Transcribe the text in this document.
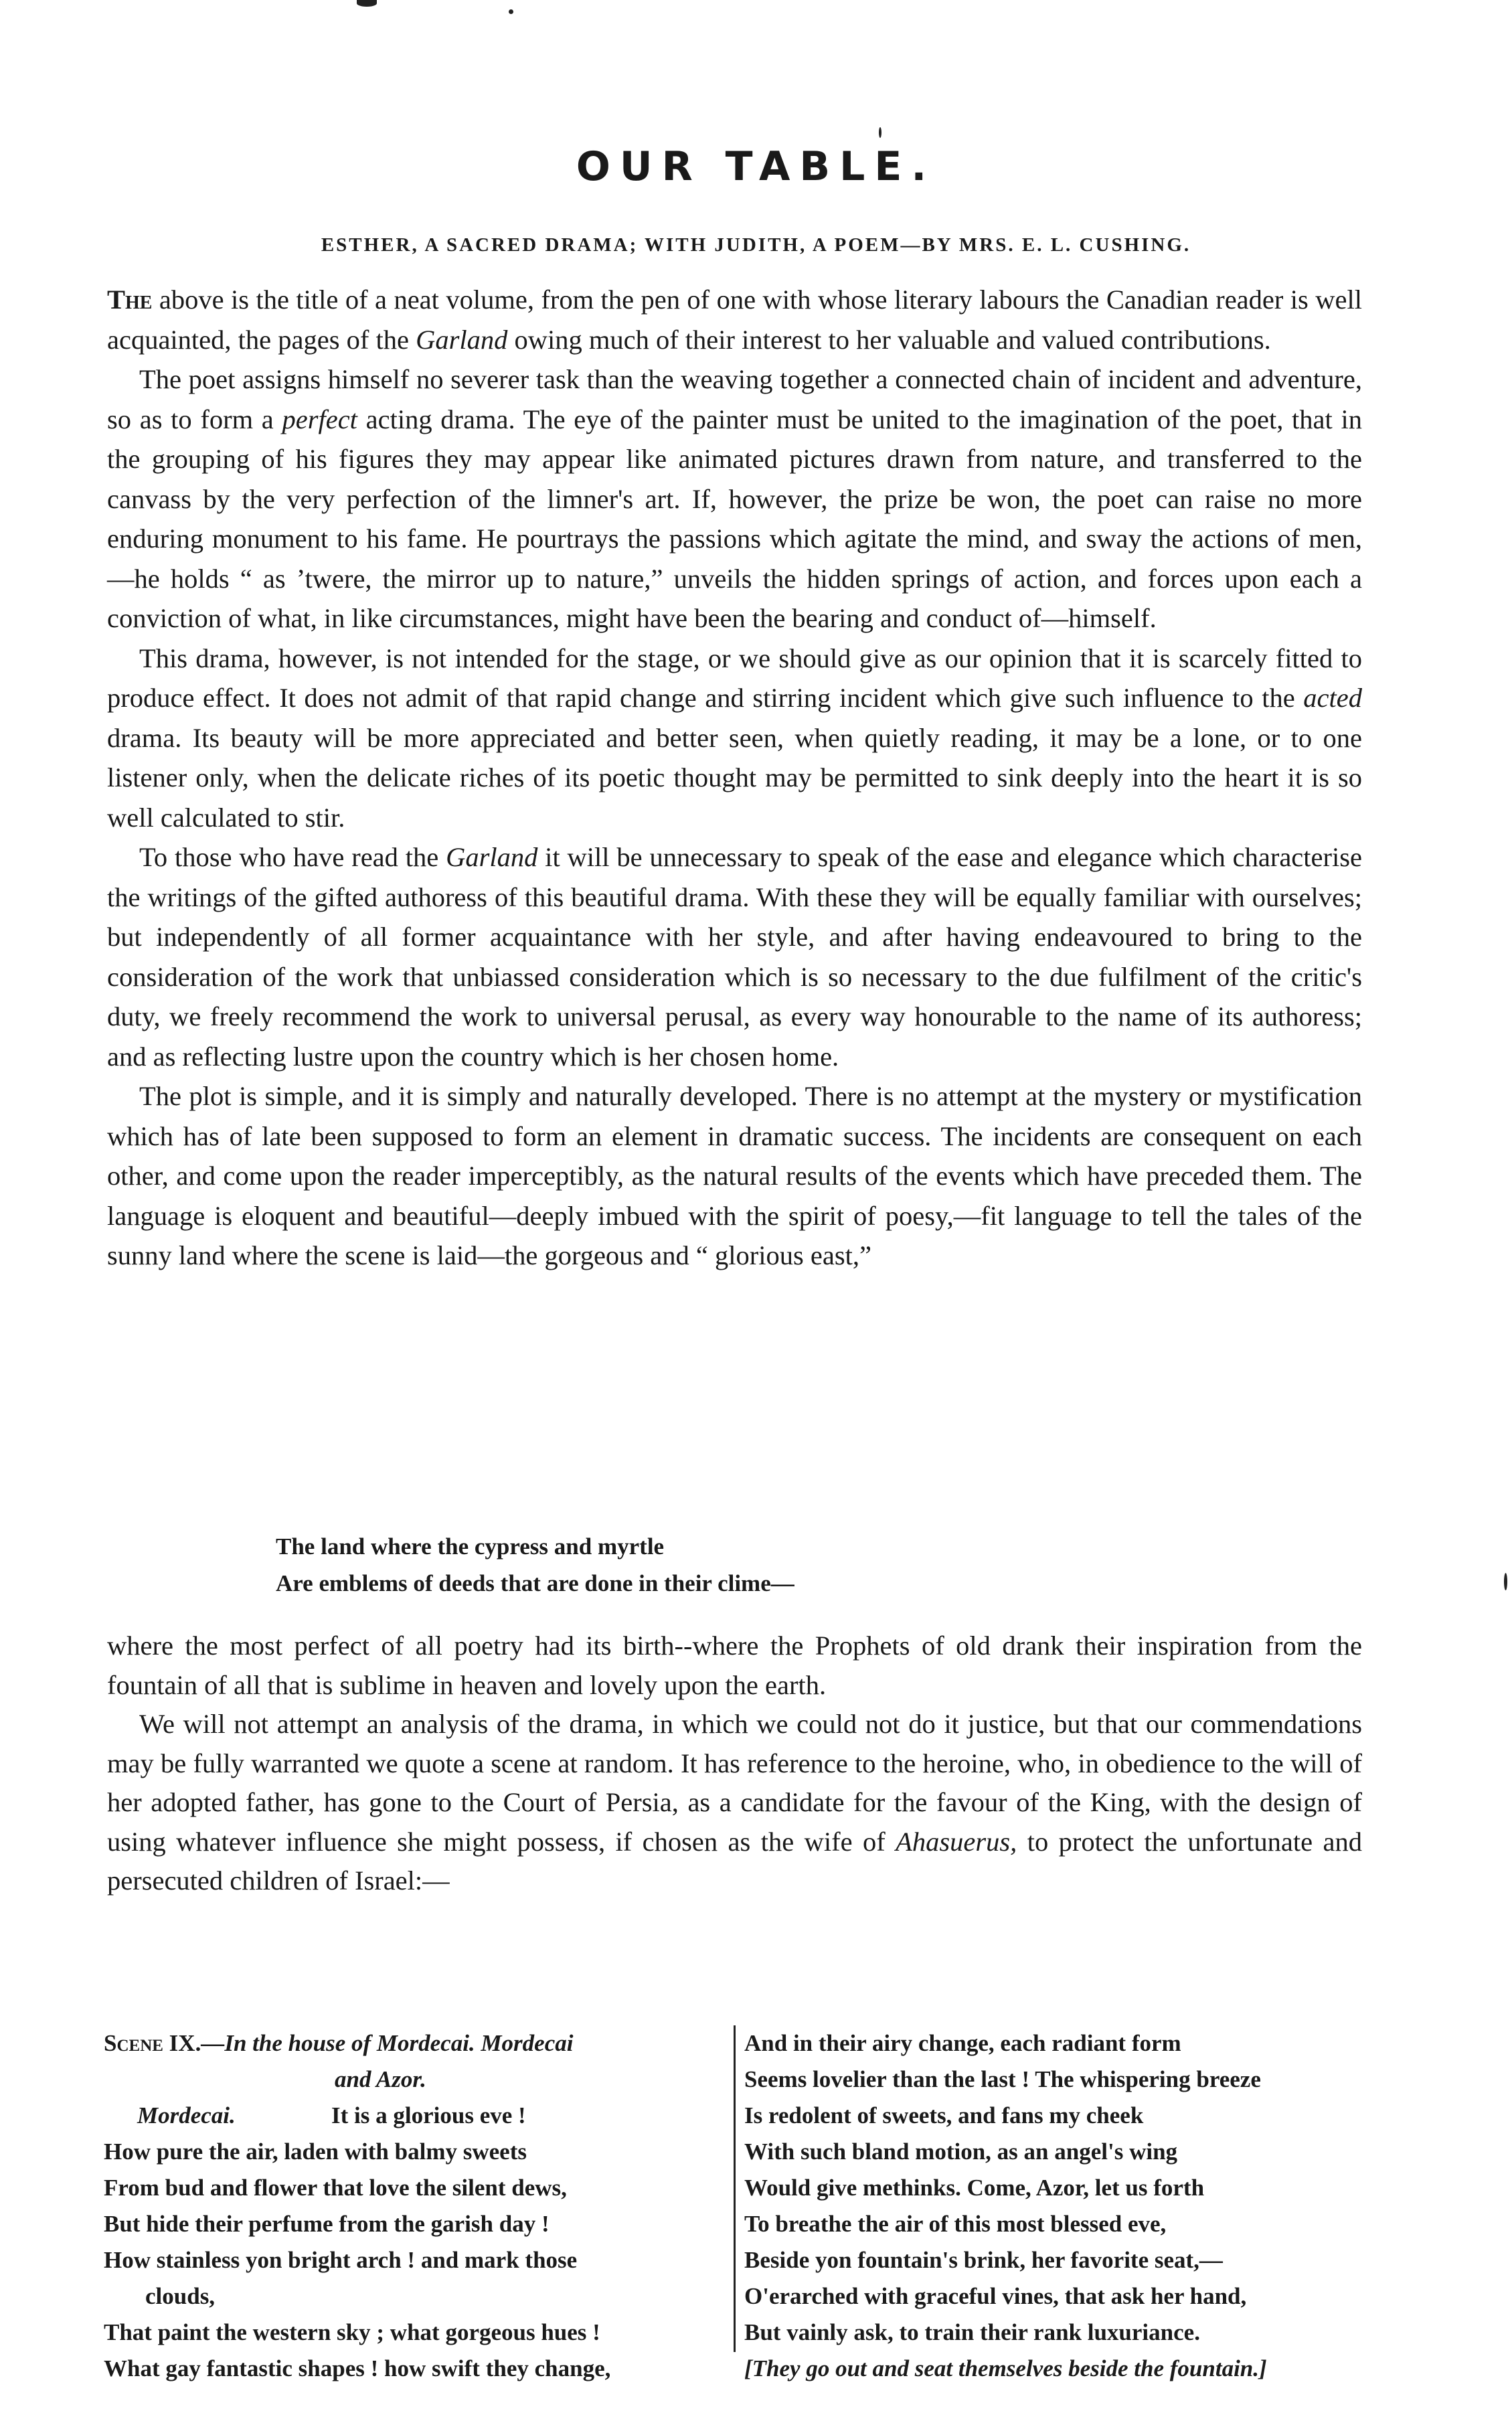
OUR TABLE.
ESTHER, A SACRED DRAMA; WITH JUDITH, A POEM—BY MRS. E. L. CUSHING.

The above is the title of a neat volume, from the pen of one with whose literary labours the Canadian reader is well acquainted, the pages of the Garland owing much of their interest to her valuable and valued contributions.

The poet assigns himself no severer task than the weaving together a connected chain of incident and adventure, so as to form a perfect acting drama. The eye of the painter must be united to the imagination of the poet, that in the grouping of his figures they may appear like animated pictures drawn from nature, and transferred to the canvass by the very perfection of the limner's art. If, however, the prize be won, the poet can raise no more enduring monument to his fame. He pourtrays the passions which agitate the mind, and sway the actions of men, —he holds “ as ’twere, the mirror up to nature,” unveils the hidden springs of action, and forces upon each a conviction of what, in like circumstances, might have been the bearing and conduct of—himself.

This drama, however, is not intended for the stage, or we should give as our opinion that it is scarcely fitted to produce effect. It does not admit of that rapid change and stirring incident which give such influence to the acted drama. Its beauty will be more appreciated and better seen, when quietly reading, it may be a lone, or to one listener only, when the delicate riches of its poetic thought may be permitted to sink deeply into the heart it is so well calculated to stir.

To those who have read the Garland it will be unnecessary to speak of the ease and elegance which characterise the writings of the gifted authoress of this beautiful drama. With these they will be equally familiar with ourselves; but independently of all former acquaintance with her style, and after having endeavoured to bring to the consideration of the work that unbiassed consideration which is so necessary to the due fulfilment of the critic's duty, we freely recommend the work to universal perusal, as every way honourable to the name of its authoress; and as reflecting lustre upon the country which is her chosen home.

The plot is simple, and it is simply and naturally developed. There is no attempt at the mystery or mystification which has of late been supposed to form an element in dramatic success. The incidents are consequent on each other, and come upon the reader imperceptibly, as the natural results of the events which have preceded them. The language is eloquent and beautiful—deeply imbued with the spirit of poesy,—fit language to tell the tales of the sunny land where the scene is laid—the gorgeous and “ glorious east,”

The land where the cypress and myrtle
Are emblems of deeds that are done in their clime—

where the most perfect of all poetry had its birth--where the Prophets of old drank their inspiration from the fountain of all that is sublime in heaven and lovely upon the earth.

We will not attempt an analysis of the drama, in which we could not do it justice, but that our commendations may be fully warranted we quote a scene at random. It has reference to the heroine, who, in obedience to the will of her adopted father, has gone to the Court of Persia, as a candidate for the favour of the King, with the design of using whatever influence she might possess, if chosen as the wife of Ahasuerus, to protect the unfortunate and persecuted children of Israel:—

Scene IX.—In the house of Mordecai. Mordecai
and Azor.
Mordecai.	It is a glorious eve !
How pure the air, laden with balmy sweets
From bud and flower that love the silent dews,
But hide their perfume from the garish day !
How stainless yon bright arch ! and mark those
clouds,
That paint the western sky ; what gorgeous hues !
What gay fantastic shapes ! how swift they change,
And in their airy change, each radiant form
Seems lovelier than the last ! The whispering breeze
Is redolent of sweets, and fans my cheek
With such bland motion, as an angel's wing
Would give methinks. Come, Azor, let us forth
To breathe the air of this most blessed eve,
Beside yon fountain's brink, her favorite seat,—
O'erarched with graceful vines, that ask her hand,
But vainly ask, to train their rank luxuriance.
[They go out and seat themselves beside the fountain.]
